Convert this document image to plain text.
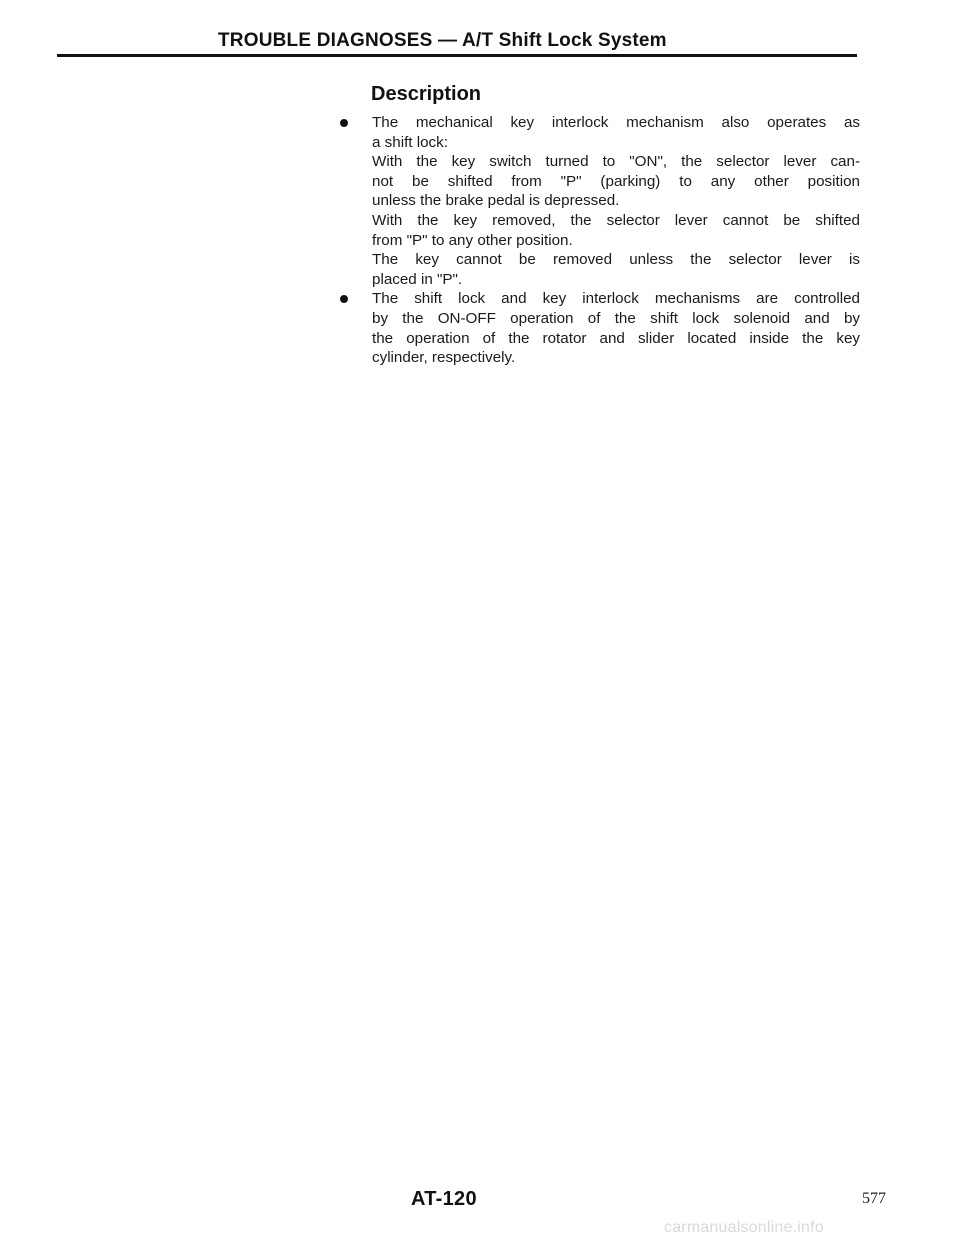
TROUBLE DIAGNOSES — A/T Shift Lock System
Description
The mechanical key interlock mechanism also operates as
a shift lock:
With the key switch turned to "ON", the selector lever can-
not be shifted from "P" (parking) to any other position
unless the brake pedal is depressed.
With the key removed, the selector lever cannot be shifted
from "P" to any other position.
The key cannot be removed unless the selector lever is
placed in "P".
The shift lock and key interlock mechanisms are controlled
by the ON-OFF operation of the shift lock solenoid and by
the operation of the rotator and slider located inside the key
cylinder, respectively.
AT-120	577
carmanualsonline.info
